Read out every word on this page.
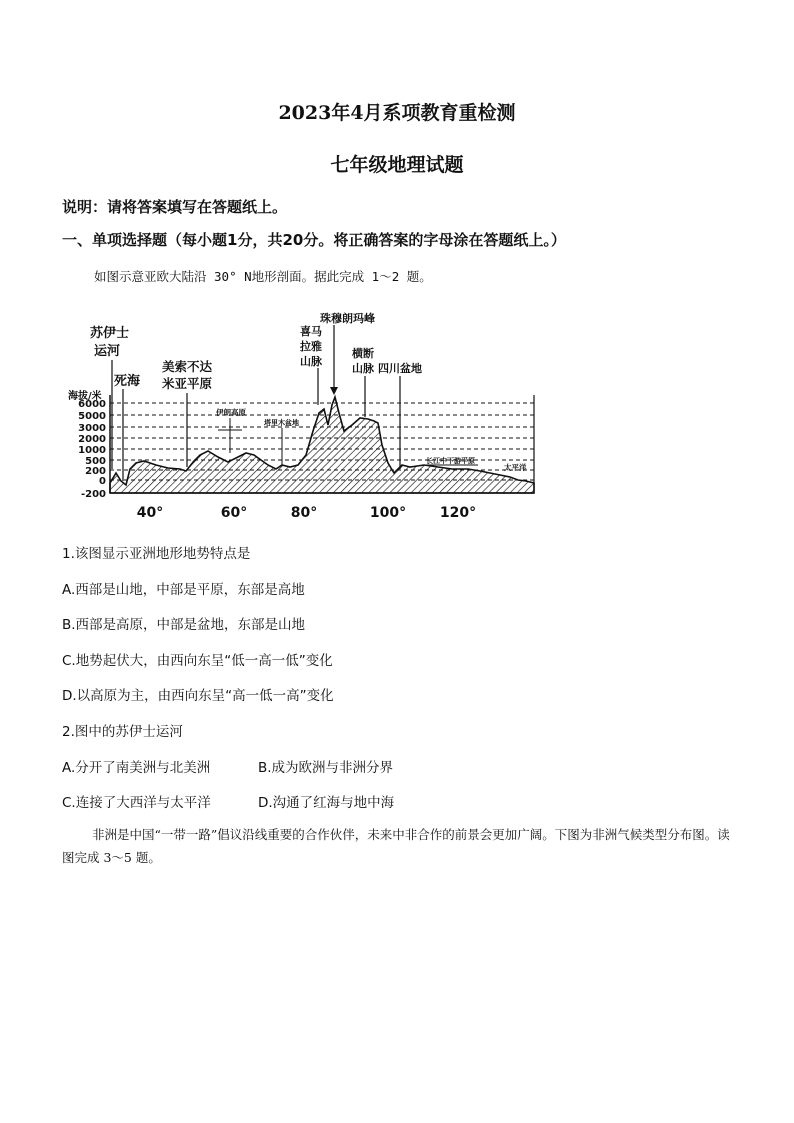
2023年4月系项教育重检测
七年级地理试题
说明：请将答案填写在答题纸上。
一、单项选择题（每小题1分，共20分。将正确答案的字母涂在答题纸上。）
如图示意亚欧大陆沿 30° N地形剖面。据此完成 1～2 题。
海拔/米
6000
5000
3000
2000
1000
500
200
0
-200
40°	60°	80°	100° 120°
苏伊士
运河
死海
美索不达
米亚平原
伊朗高原
塔里木盆地
喜马
拉雅
山脉
珠穆朗玛峰
横断
山脉 四川盆地
长江中下游平原
太平洋
1.该图显示亚洲地形地势特点是
A.西部是山地，中部是平原，东部是高地
B.西部是高原，中部是盆地，东部是山地
C.地势起伏大，由西向东呈“低一高一低”变化
D.以高原为主，由西向东呈“高一低一高”变化
2.图中的苏伊士运河
A.分开了南美洲与北美洲	B.成为欧洲与非洲分界
C.连接了大西洋与太平洋	D.沟通了红海与地中海
非洲是中国“一带一路”倡议沿线重要的合作伙伴，未来中非合作的前景会更加广阔。下图为非洲气候类型分布图。读图完成 3～5 题。
